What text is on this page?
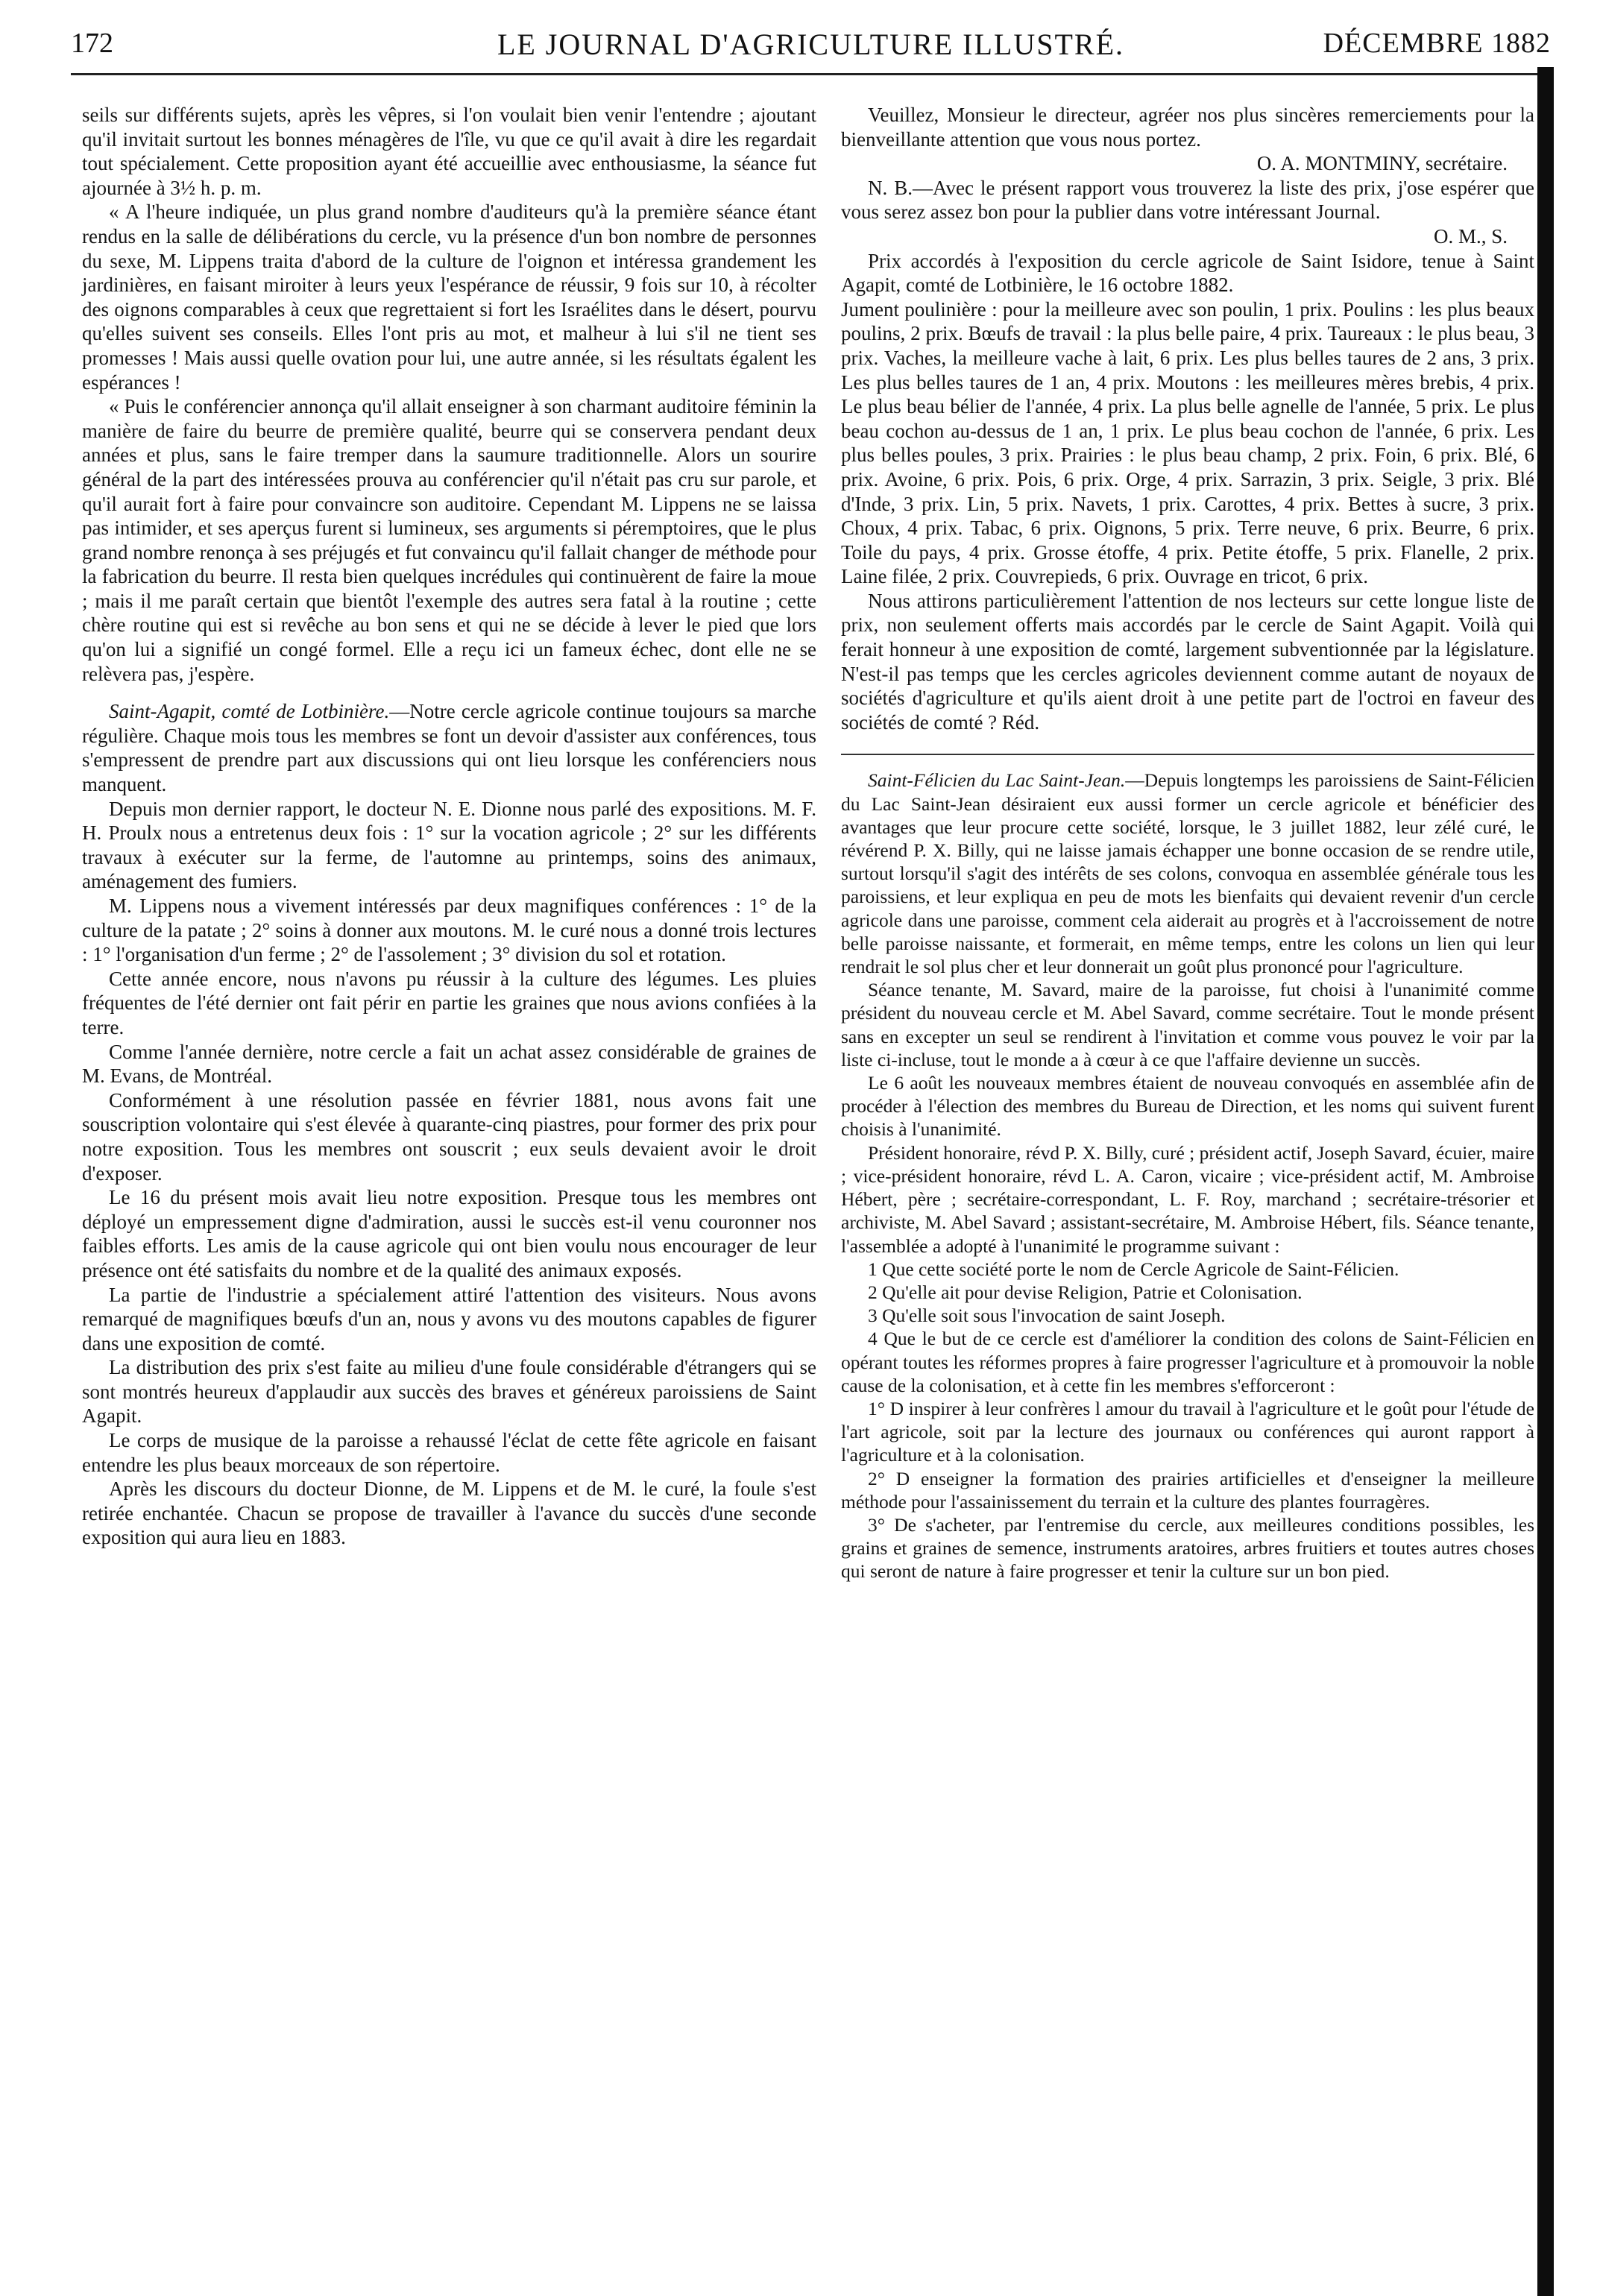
172	LE JOURNAL D'AGRICULTURE ILLUSTRÉ.	DÉCEMBRE 1882

seils sur différents sujets, après les vêpres, si l'on voulait bien venir l'entendre ; ajoutant qu'il invitait surtout les bonnes ménagères de l'île, vu que ce qu'il avait à dire les regardait tout spécialement. Cette proposition ayant été accueillie avec enthousiasme, la séance fut ajournée à 3½ h. p. m.

« A l'heure indiquée, un plus grand nombre d'auditeurs qu'à la première séance étant rendus en la salle de délibérations du cercle, vu la présence d'un bon nombre de personnes du sexe, M. Lippens traita d'abord de la culture de l'oignon et intéressa grandement les jardinières, en faisant miroiter à leurs yeux l'espérance de réussir, 9 fois sur 10, à récolter des oignons comparables à ceux que regrettaient si fort les Israélites dans le désert, pourvu qu'elles suivent ses conseils. Elles l'ont pris au mot, et malheur à lui s'il ne tient ses promesses ! Mais aussi quelle ovation pour lui, une autre année, si les résultats égalent les espérances !

« Puis le conférencier annonça qu'il allait enseigner à son charmant auditoire féminin la manière de faire du beurre de première qualité, beurre qui se conservera pendant deux années et plus, sans le faire tremper dans la saumure traditionnelle. Alors un sourire général de la part des intéressées prouva au conférencier qu'il n'était pas cru sur parole, et qu'il aurait fort à faire pour convaincre son auditoire. Cependant M. Lippens ne se laissa pas intimider, et ses aperçus furent si lumineux, ses arguments si péremptoires, que le plus grand nombre renonça à ses préjugés et fut convaincu qu'il fallait changer de méthode pour la fabrication du beurre. Il resta bien quelques incrédules qui continuèrent de faire la moue ; mais il me paraît certain que bientôt l'exemple des autres sera fatal à la routine ; cette chère routine qui est si revêche au bon sens et qui ne se décide à lever le pied que lors qu'on lui a signifié un congé formel. Elle a reçu ici un fameux échec, dont elle ne se relèvera pas, j'espère.

Saint-Agapit, comté de Lotbinière.—Notre cercle agricole continue toujours sa marche régulière. Chaque mois tous les membres se font un devoir d'assister aux conférences, tous s'empressent de prendre part aux discussions qui ont lieu lorsque les conférenciers nous manquent.

Depuis mon dernier rapport, le docteur N. E. Dionne nous parlé des expositions. M. F. H. Proulx nous a entretenus deux fois : 1° sur la vocation agricole ; 2° sur les différents travaux à exécuter sur la ferme, de l'automne au printemps, soins des animaux, aménagement des fumiers.

M. Lippens nous a vivement intéressés par deux magnifiques conférences : 1° de la culture de la patate ; 2° soins à donner aux moutons. M. le curé nous a donné trois lectures : 1° l'organisation d'un ferme ; 2° de l'assolement ; 3° division du sol et rotation.

Cette année encore, nous n'avons pu réussir à la culture des légumes. Les pluies fréquentes de l'été dernier ont fait périr en partie les graines que nous avions confiées à la terre.

Comme l'année dernière, notre cercle a fait un achat assez considérable de graines de M. Evans, de Montréal.

Conformément à une résolution passée en février 1881, nous avons fait une souscription volontaire qui s'est élevée à quarante-cinq piastres, pour former des prix pour notre exposition. Tous les membres ont souscrit ; eux seuls devaient avoir le droit d'exposer.

Le 16 du présent mois avait lieu notre exposition. Presque tous les membres ont déployé un empressement digne d'admiration, aussi le succès est-il venu couronner nos faibles efforts. Les amis de la cause agricole qui ont bien voulu nous encourager de leur présence ont été satisfaits du nombre et de la qualité des animaux exposés.

La partie de l'industrie a spécialement attiré l'attention des visiteurs. Nous avons remarqué de magnifiques bœufs d'un an, nous y avons vu des moutons capables de figurer dans une exposition de comté.

La distribution des prix s'est faite au milieu d'une foule considérable d'étrangers qui se sont montrés heureux d'applaudir aux succès des braves et généreux paroissiens de Saint Agapit.

Le corps de musique de la paroisse a rehaussé l'éclat de cette fête agricole en faisant entendre les plus beaux morceaux de son répertoire.

Après les discours du docteur Dionne, de M. Lippens et de M. le curé, la foule s'est retirée enchantée. Chacun se propose de travailler à l'avance du succès d'une seconde exposition qui aura lieu en 1883.

Veuillez, Monsieur le directeur, agréer nos plus sincères remerciements pour la bienveillante attention que vous nous portez.

O. A. MONTMINY, secrétaire.

N. B.—Avec le présent rapport vous trouverez la liste des prix, j'ose espérer que vous serez assez bon pour la publier dans votre intéressant Journal.

O. M., S.

Prix accordés à l'exposition du cercle agricole de Saint Isidore, tenue à Saint Agapit, comté de Lotbinière, le 16 octobre 1882.

Jument poulinière : pour la meilleure avec son poulin, 1 prix. Poulins : les plus beaux poulins, 2 prix. Bœufs de travail : la plus belle paire, 4 prix. Taureaux : le plus beau, 3 prix. Vaches, la meilleure vache à lait, 6 prix. Les plus belles taures de 2 ans, 3 prix. Les plus belles taures de 1 an, 4 prix. Moutons : les meilleures mères brebis, 4 prix. Le plus beau bélier de l'année, 4 prix. La plus belle agnelle de l'année, 5 prix. Le plus beau cochon au-dessus de 1 an, 1 prix. Le plus beau cochon de l'année, 6 prix. Les plus belles poules, 3 prix. Prairies : le plus beau champ, 2 prix. Foin, 6 prix. Blé, 6 prix. Avoine, 6 prix. Pois, 6 prix. Orge, 4 prix. Sarrazin, 3 prix. Seigle, 3 prix. Blé d'Inde, 3 prix. Lin, 5 prix. Navets, 1 prix. Carottes, 4 prix. Bettes à sucre, 3 prix. Choux, 4 prix. Tabac, 6 prix. Oignons, 5 prix. Terre neuve, 6 prix. Beurre, 6 prix. Toile du pays, 4 prix. Grosse étoffe, 4 prix. Petite étoffe, 5 prix. Flanelle, 2 prix. Laine filée, 2 prix. Couvrepieds, 6 prix. Ouvrage en tricot, 6 prix.

Nous attirons particulièrement l'attention de nos lecteurs sur cette longue liste de prix, non seulement offerts mais accordés par le cercle de Saint Agapit. Voilà qui ferait honneur à une exposition de comté, largement subventionnée par la législature. N'est-il pas temps que les cercles agricoles deviennent comme autant de noyaux de sociétés d'agriculture et qu'ils aient droit à une petite part de l'octroi en faveur des sociétés de comté ? Réd.

Saint-Félicien du Lac Saint-Jean.—Depuis longtemps les paroissiens de Saint-Félicien du Lac Saint-Jean désiraient eux aussi former un cercle agricole et bénéficier des avantages que leur procure cette société, lorsque, le 3 juillet 1882, leur zélé curé, le révérend P. X. Billy, qui ne laisse jamais échapper une bonne occasion de se rendre utile, surtout lorsqu'il s'agit des intérêts de ses colons, convoqua en assemblée générale tous les paroissiens, et leur expliqua en peu de mots les bienfaits qui devaient revenir d'un cercle agricole dans une paroisse, comment cela aiderait au progrès et à l'accroissement de notre belle paroisse naissante, et formerait, en même temps, entre les colons un lien qui leur rendrait le sol plus cher et leur donnerait un goût plus prononcé pour l'agriculture.

Séance tenante, M. Savard, maire de la paroisse, fut choisi à l'unanimité comme président du nouveau cercle et M. Abel Savard, comme secrétaire. Tout le monde présent sans en excepter un seul se rendirent à l'invitation et comme vous pouvez le voir par la liste ci-incluse, tout le monde a à cœur à ce que l'affaire devienne un succès.

Le 6 août les nouveaux membres étaient de nouveau convoqués en assemblée afin de procéder à l'élection des membres du Bureau de Direction, et les noms qui suivent furent choisis à l'unanimité.

Président honoraire, révd P. X. Billy, curé ; président actif, Joseph Savard, écuier, maire ; vice-président honoraire, révd L. A. Caron, vicaire ; vice-président actif, M. Ambroise Hébert, père ; secrétaire-correspondant, L. F. Roy, marchand ; secrétaire-trésorier et archiviste, M. Abel Savard ; assistant-secrétaire, M. Ambroise Hébert, fils. Séance tenante, l'assemblée a adopté à l'unanimité le programme suivant :

1 Que cette société porte le nom de Cercle Agricole de Saint-Félicien.

2 Qu'elle ait pour devise Religion, Patrie et Colonisation.

3 Qu'elle soit sous l'invocation de saint Joseph.

4 Que le but de ce cercle est d'améliorer la condition des colons de Saint-Félicien en opérant toutes les réformes propres à faire progresser l'agriculture et à promouvoir la noble cause de la colonisation, et à cette fin les membres s'efforceront :

1° D inspirer à leur confrères l amour du travail à l'agriculture et le goût pour l'étude de l'art agricole, soit par la lecture des journaux ou conférences qui auront rapport à l'agriculture et à la colonisation.

2° D enseigner la formation des prairies artificielles et d'enseigner la meilleure méthode pour l'assainissement du terrain et la culture des plantes fourragères.

3° De s'acheter, par l'entremise du cercle, aux meilleures conditions possibles, les grains et graines de semence, instruments aratoires, arbres fruitiers et toutes autres choses qui seront de nature à faire progresser et tenir la culture sur un bon pied.
